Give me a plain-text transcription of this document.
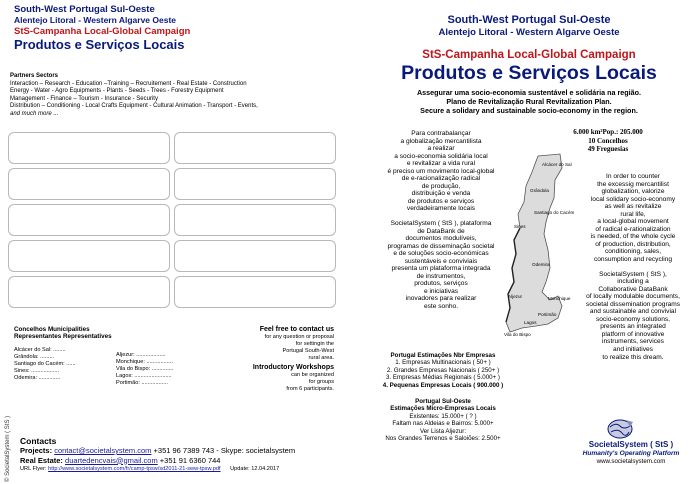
© SocietalSystem ( StS )
South-West Portugal Sul-Oeste
Alentejo Litoral - Western Algarve Oeste
StS-Campanha Local-Global Campaign
Produtos e Serviços Locais
Partners Sectors
Interaction – Research - Education –Training – Recruitement - Real Estate - Construction
Energy - Water - Agro Equipments - Plants - Seeds - Trees - Forestry Equipment
Management - Finance – Tourism - Insurance - Security
Distribution – Conditioning - Local Crafts Equipment - Cultural Animation - Transport - Events,
and much more ...
Concelhos Municipalities
Representantes Representatives
Alcácer do Sal: ........
Grândola: .........
Santiago do Cacém: ......
Sines: ..................
Odemira: ..............
Aljezur: ...................
Monchique: .................
Vila do Bispo: ..............
Lagos: ........................
Portimão: .................
Feel free to contact us
for any question or proposal
for settingin the
Portugal South-West
rural area.
Introductory Workshops
can be organized
for groups
from 6 participants.
Contacts
Projects: contact@societalsystem.com +351 96 7389 743 - Skype: societalsystem
Real Estate: duartedencvais@gmail.com +351 91 6360 744
URL Flyer: http://www.societalsystem.com/fr/camp-tpsw/sd2011-21-sww-tpsw.pdf Update: 12.04.2017
South-West Portugal Sul-Oeste
Alentejo Litoral - Western Algarve Oeste
StS-Campanha Local-Global Campaign
Produtos e Serviços Locais
Assegurar uma socio-economia sustentável e solidária na região.
Plano de Revitalização Rural Revitalization Plan.
Secure a solidary and sustainable socio-economy in the region.
6.000 km²Pop.: 205.000
10 Concelhos
49 Freguesias
Para contrabalançar
a globalização mercantilista
a realizar
a socio-economia solidária local
e revitalizar a vida rural
é preciso um movimento local-global
de e-racionalização radical
de produção,
distribuição e venda
de produtos e serviços
verdadeiramente locais
SocietalSystem ( StS ), plataforma
de DataBank de
documentos modulíveis,
programas de disseminação societal
e de soluções socio-económicas
sustentáveis e conviviais
presenta um plataforma integrada
de instrumentos,
produtos, serviços
e iniciativas
inovadores para realizar
este sonho.
In order to counter
the excessig mercantilist
globalization, valorize
local solidary socio-economy
as well as revitalize
rural life,
a local-global movement
of radical e-rationalization
is needed, of the whole cycle
of production, distribution,
conditioning, sales,
consumption and recycling
SocietalSystem ( StS ),
including a
Collaborative DataBank
of locally modulable documents,
societal dissemination programs
and sustainable and convivial
socio-economy solutions,
presents an integrated
platform of innovative
instruments, services
and initiatives
to realize this dream.
Alcácer do Sal
Grândola
Santiago do Cacém
Sines
Odemira
Aljezur	Monchique
Portimão
Lagos
Vila do Bispo
Portugal Estimações Nbr Empresas
1. Empresas Multinacionais ( 50+ )
2. Grandes Empresas Nacionais ( 250+ )
3. Empresas Médias Regionais ( 5.000+ )
4. Pequenas Empresas Locais ( 900.000 )
Portugal Sul-Oeste
Estimações Micro-Empresas Locais
Existentes: 15.000+ ( ? )
Faltam nas Aldeias e Bairros: 5.000+
Ver Lista Aljezur:
Nos Grandes Terrenos e Saloiões: 2.500+
SocietalSystem ( StS )
Humanity's Operating Platform
www.societalsystem.com
